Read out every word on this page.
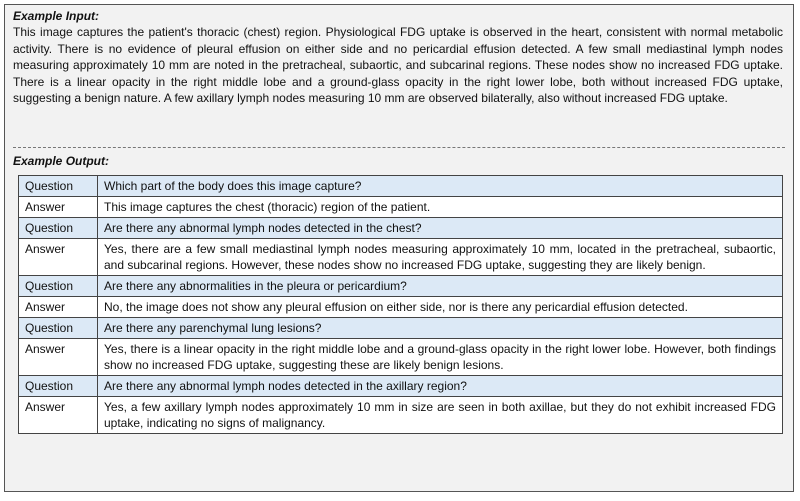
Example Input:
This image captures the patient's thoracic (chest) region. Physiological FDG uptake is observed in the heart, consistent with normal metabolic activity. There is no evidence of pleural effusion on either side and no pericardial effusion detected. A few small mediastinal lymph nodes measuring approximately 10 mm are noted in the pretracheal, subaortic, and subcarinal regions. These nodes show no increased FDG uptake. There is a linear opacity in the right middle lobe and a ground-glass opacity in the right lower lobe, both without increased FDG uptake, suggesting a benign nature. A few axillary lymph nodes measuring 10 mm are observed bilaterally, also without increased FDG uptake.
Example Output:
Question	Which part of the body does this image capture?
Answer	This image captures the chest (thoracic) region of the patient.
Question	Are there any abnormal lymph nodes detected in the chest?
Answer	Yes, there are a few small mediastinal lymph nodes measuring approximately 10 mm, located in the pretracheal, subaortic, and subcarinal regions. However, these nodes show no increased FDG uptake, suggesting they are likely benign.
Question	Are there any abnormalities in the pleura or pericardium?
Answer	No, the image does not show any pleural effusion on either side, nor is there any pericardial effusion detected.
Question	Are there any parenchymal lung lesions?
Answer	Yes, there is a linear opacity in the right middle lobe and a ground-glass opacity in the right lower lobe. However, both findings show no increased FDG uptake, suggesting these are likely benign lesions.
Question	Are there any abnormal lymph nodes detected in the axillary region?
Answer	Yes, a few axillary lymph nodes approximately 10 mm in size are seen in both axillae, but they do not exhibit increased FDG uptake, indicating no signs of malignancy.
